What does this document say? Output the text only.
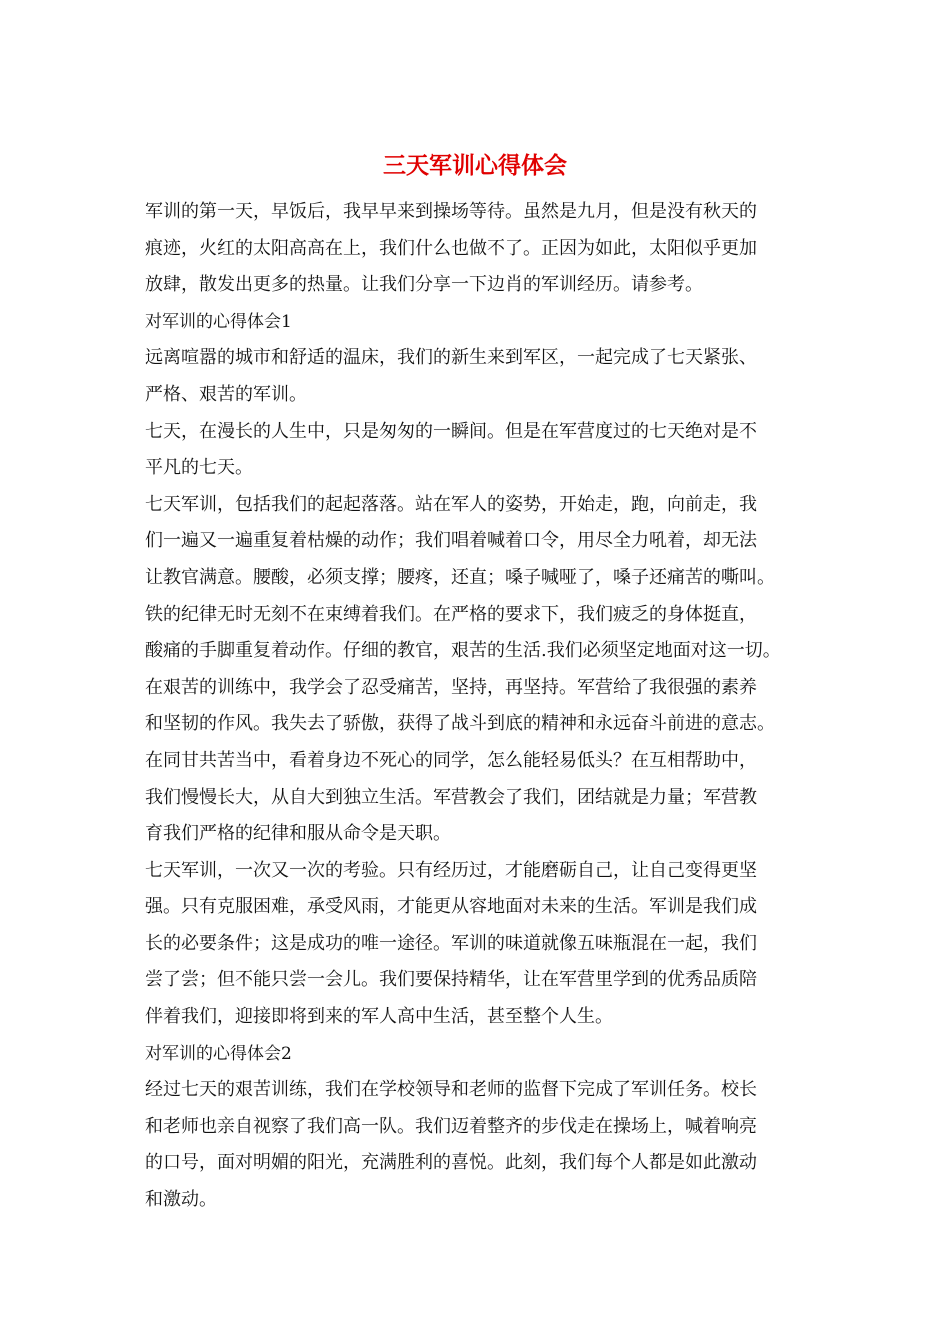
三天军训心得体会
军训的第一天，早饭后，我早早来到操场等待。虽然是九月，但是没有秋天的
痕迹，火红的太阳高高在上，我们什么也做不了。正因为如此，太阳似乎更加
放肆，散发出更多的热量。让我们分享一下边肖的军训经历。请参考。
对军训的心得体会1
远离喧嚣的城市和舒适的温床，我们的新生来到军区，一起完成了七天紧张、
严格、艰苦的军训。
七天，在漫长的人生中，只是匆匆的一瞬间。但是在军营度过的七天绝对是不
平凡的七天。
七天军训，包括我们的起起落落。站在军人的姿势，开始走，跑，向前走，我
们一遍又一遍重复着枯燥的动作；我们唱着喊着口令，用尽全力吼着，却无法
让教官满意。腰酸，必须支撑；腰疼，还直；嗓子喊哑了，嗓子还痛苦的嘶叫。
铁的纪律无时无刻不在束缚着我们。在严格的要求下，我们疲乏的身体挺直，
酸痛的手脚重复着动作。仔细的教官，艰苦的生活.我们必须坚定地面对这一切。
在艰苦的训练中，我学会了忍受痛苦，坚持，再坚持。军营给了我很强的素养
和坚韧的作风。我失去了骄傲，获得了战斗到底的精神和永远奋斗前进的意志。
在同甘共苦当中，看着身边不死心的同学，怎么能轻易低头？在互相帮助中，
我们慢慢长大，从自大到独立生活。军营教会了我们，团结就是力量；军营教
育我们严格的纪律和服从命令是天职。
七天军训，一次又一次的考验。只有经历过，才能磨砺自己，让自己变得更坚
强。只有克服困难，承受风雨，才能更从容地面对未来的生活。军训是我们成
长的必要条件；这是成功的唯一途径。军训的味道就像五味瓶混在一起，我们
尝了尝；但不能只尝一会儿。我们要保持精华，让在军营里学到的优秀品质陪
伴着我们，迎接即将到来的军人高中生活，甚至整个人生。
对军训的心得体会2
经过七天的艰苦训练，我们在学校领导和老师的监督下完成了军训任务。校长
和老师也亲自视察了我们高一队。我们迈着整齐的步伐走在操场上，喊着响亮
的口号，面对明媚的阳光，充满胜利的喜悦。此刻，我们每个人都是如此激动
和激动。
